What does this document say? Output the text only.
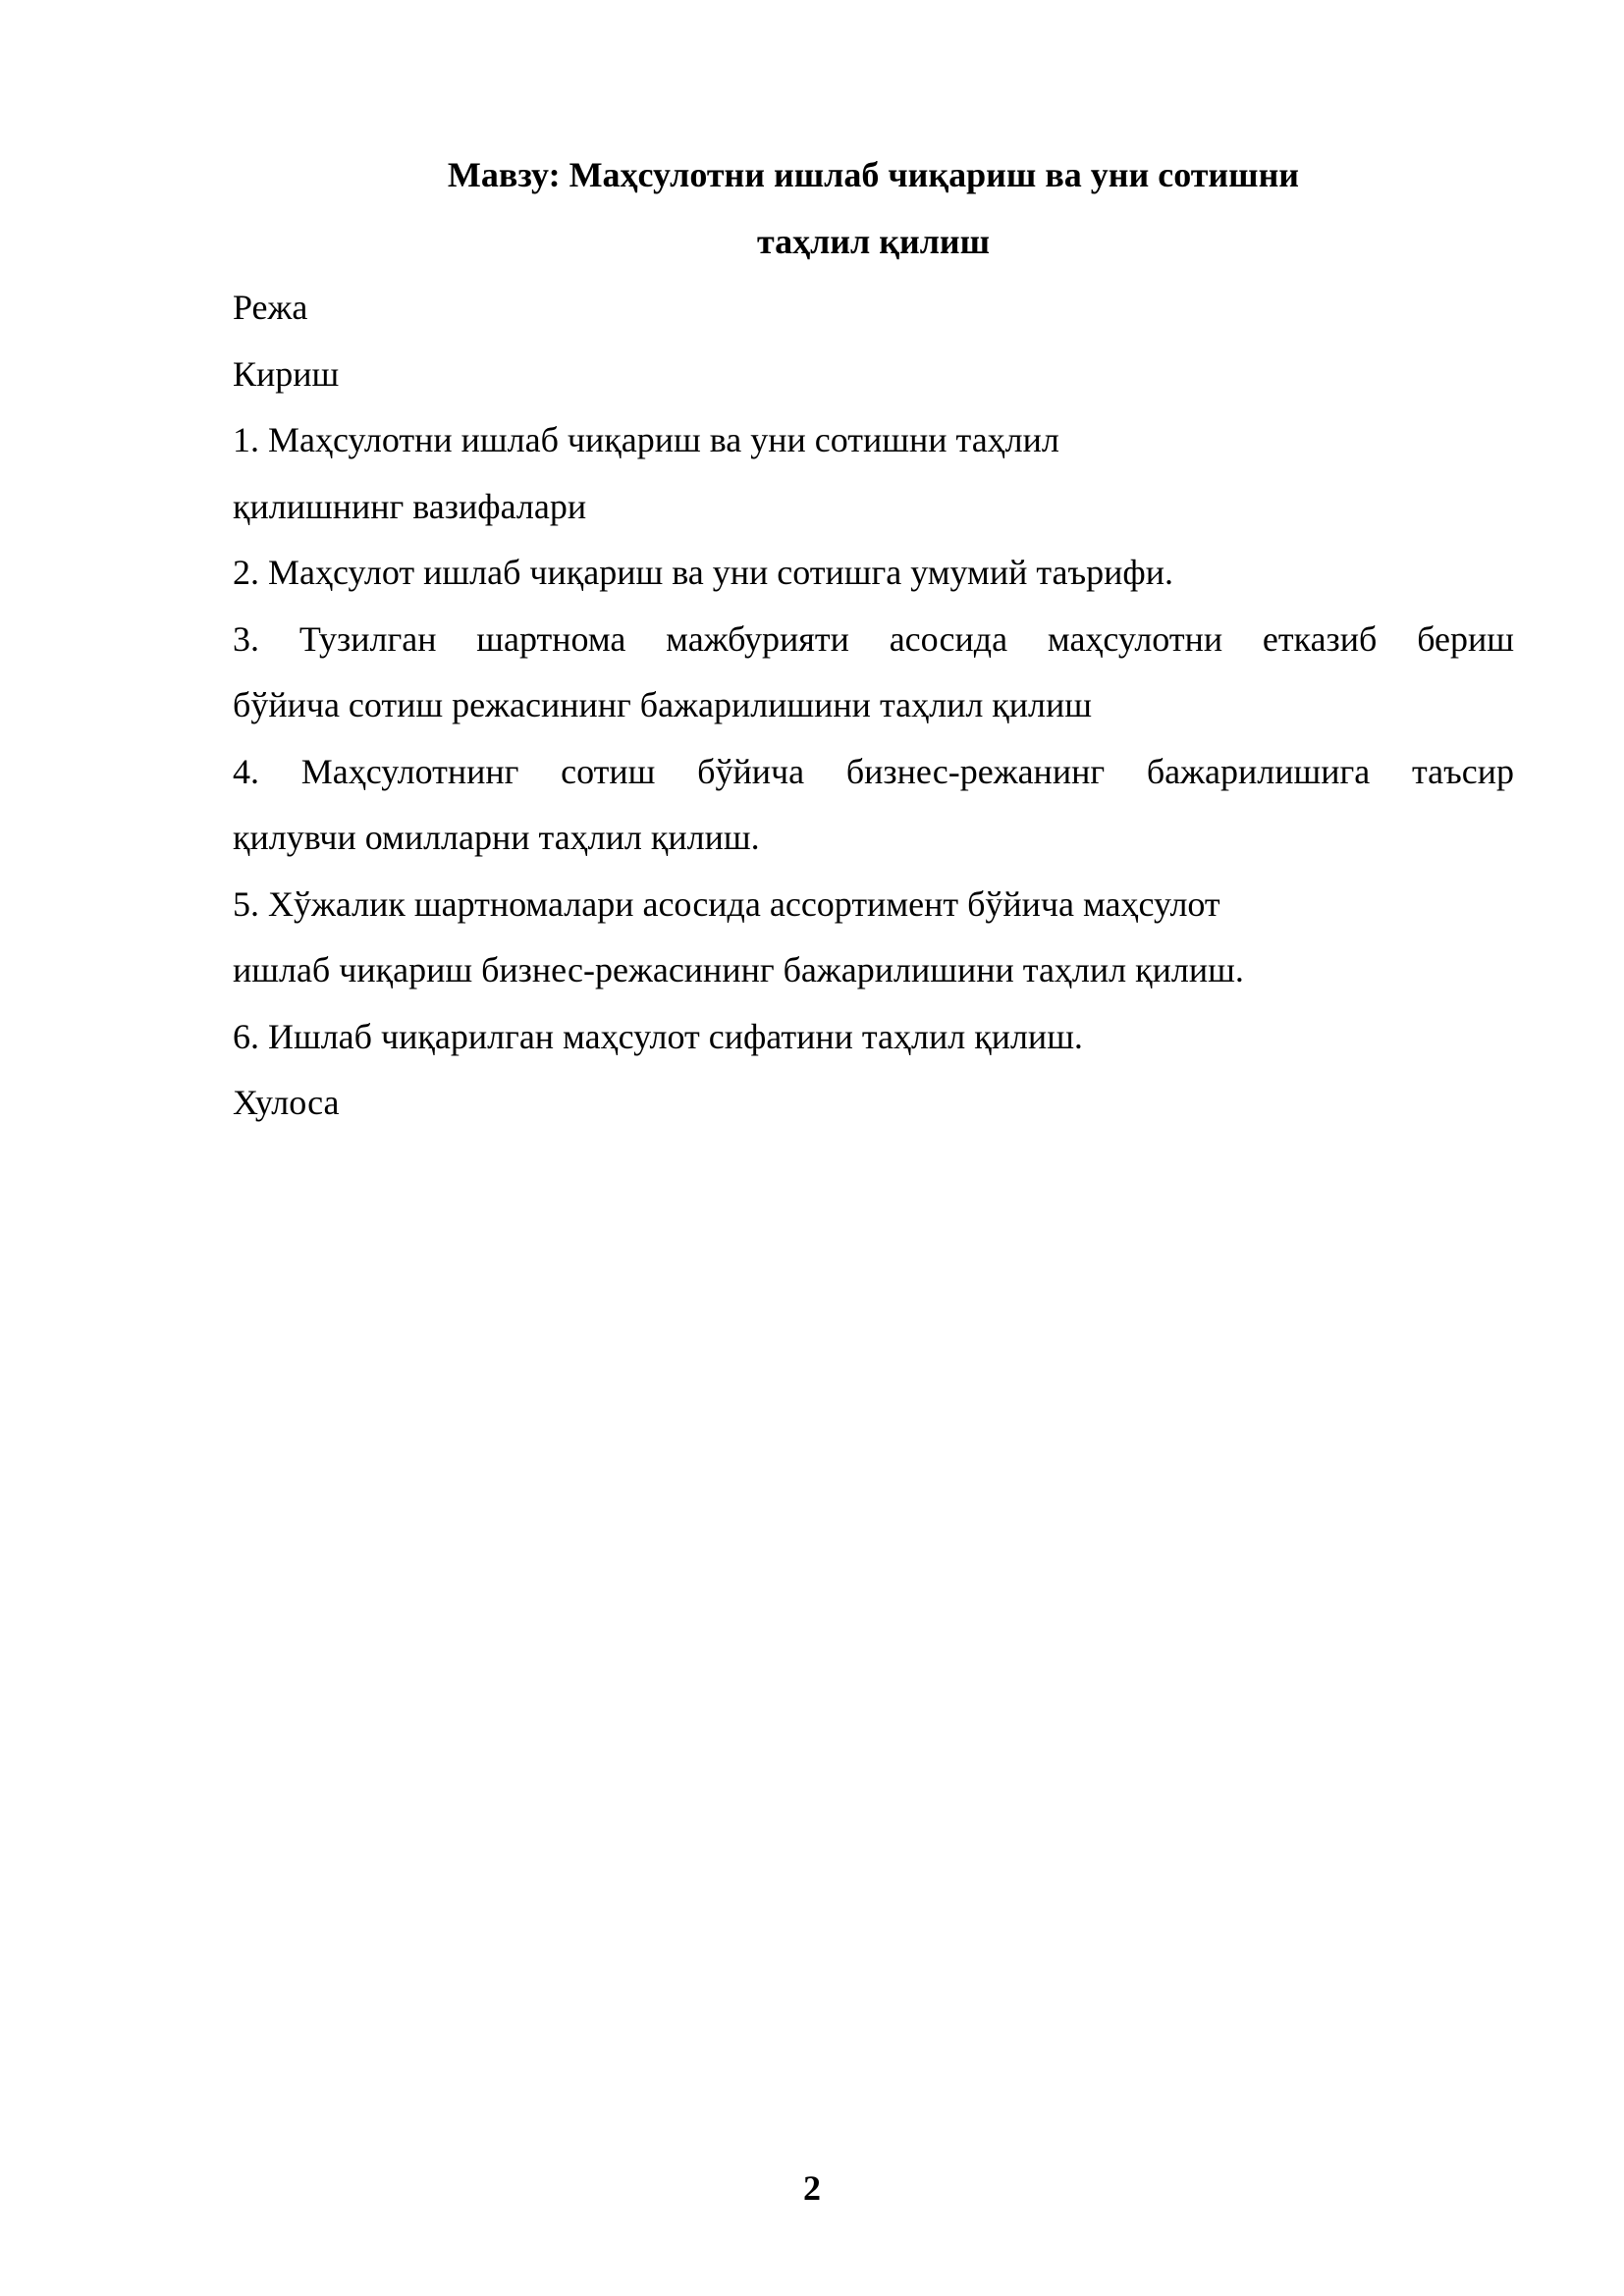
Мавзу: Маҳсулотни ишлаб чиқариш ва уни сотишни
таҳлил қилиш
Режа
Кириш
1. Маҳсулотни ишлаб чиқариш ва уни сотишни таҳлил
қилишнинг вазифалари
2. Маҳсулот ишлаб чиқариш ва уни сотишга умумий таърифи.
3. Тузилган шартнома мажбурияти асосида маҳсулотни етказиб бериш
бўйича сотиш режасининг бажарилишини таҳлил қилиш
4. Маҳсулотнинг сотиш бўйича бизнес-режанинг бажарилишига таъсир
қилувчи омилларни таҳлил қилиш.
5. Хўжалик шартномалари асосида ассортимент бўйича маҳсулот
ишлаб чиқариш бизнес-режасининг бажарилишини таҳлил қилиш.
6. Ишлаб чиқарилган маҳсулот сифатини таҳлил қилиш.
Хулоса
2
